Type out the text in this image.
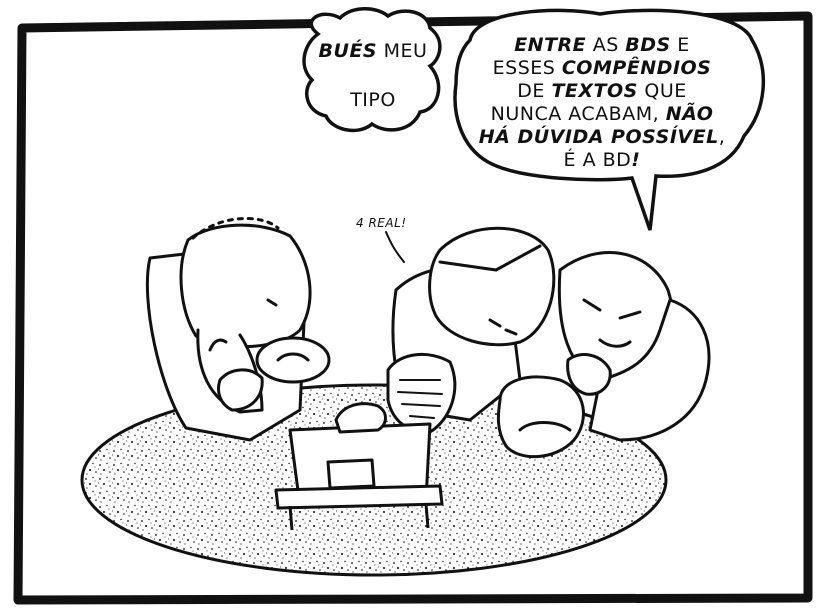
BUÉS MEU
TIPO
ENTRE AS BDS E
ESSES COMPÊNDIOS
DE TEXTOS QUE
NUNCA ACABAM, NÃO
HÁ DÚVIDA POSSÍVEL,
É A BD!
4 REAL!
